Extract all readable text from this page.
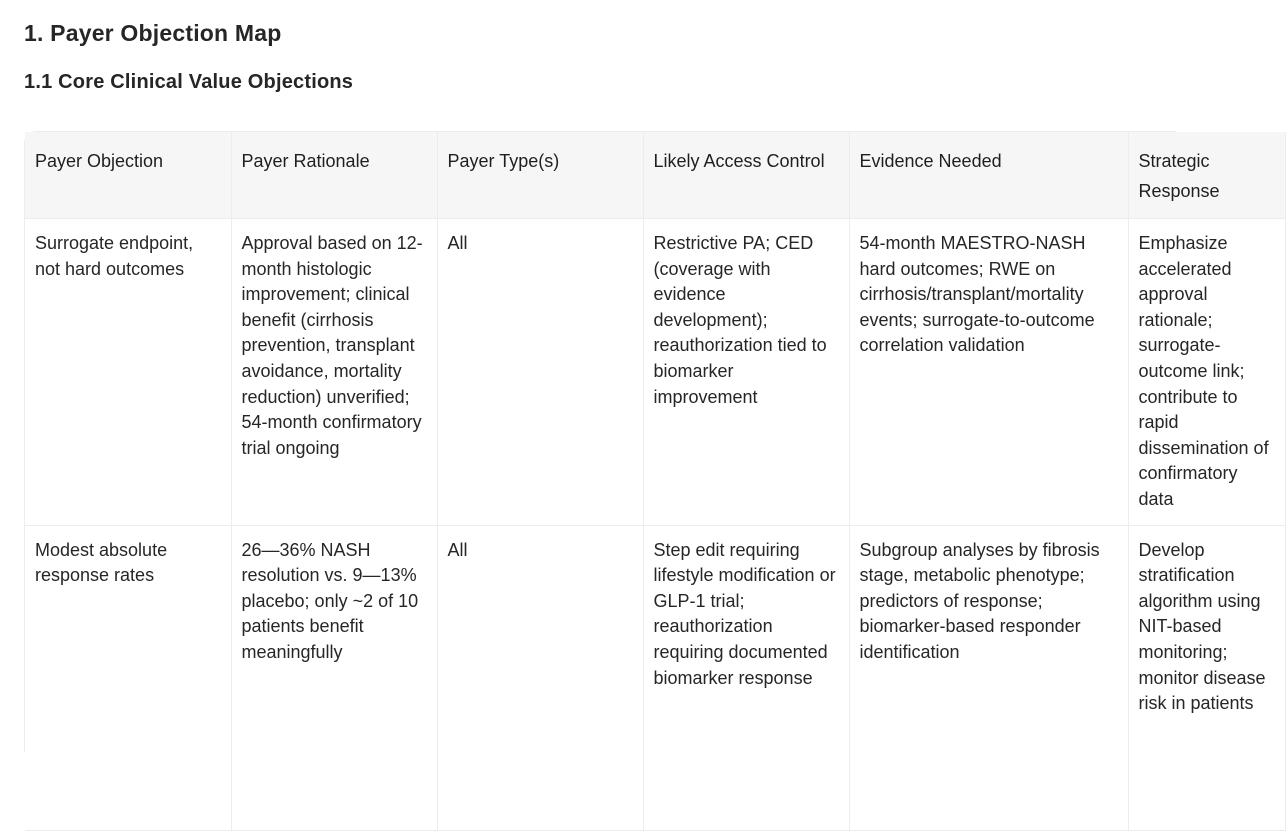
1. Payer Objection Map
1.1 Core Clinical Value Objections
Payer Objection	Payer Rationale	Payer Type(s)	Likely Access Control	Evidence Needed	Strategic Response
Surrogate endpoint, not hard outcomes	Approval based on 12-month histologic improvement; clinical benefit (cirrhosis prevention, transplant avoidance, mortality reduction) unverified; 54-month confirmatory trial ongoing	All	Restrictive PA; CED (coverage with evidence development); reauthorization tied to biomarker improvement	54-month MAESTRO-NASH hard outcomes; RWE on cirrhosis/transplant/mortality events; surrogate-to-outcome correlation validation	Emphasize accelerated approval rationale; surrogate-outcome link; contribute to rapid dissemination of confirmatory data
Modest absolute response rates	26—36% NASH resolution vs. 9—13% placebo; only ~2 of 10 patients benefit meaningfully	All	Step edit requiring lifestyle modification or GLP-1 trial; reauthorization requiring documented biomarker response	Subgroup analyses by fibrosis stage, metabolic phenotype; predictors of response; biomarker-based responder identification	Develop stratification algorithm using NIT-based monitoring; monitor disease risk in patients
